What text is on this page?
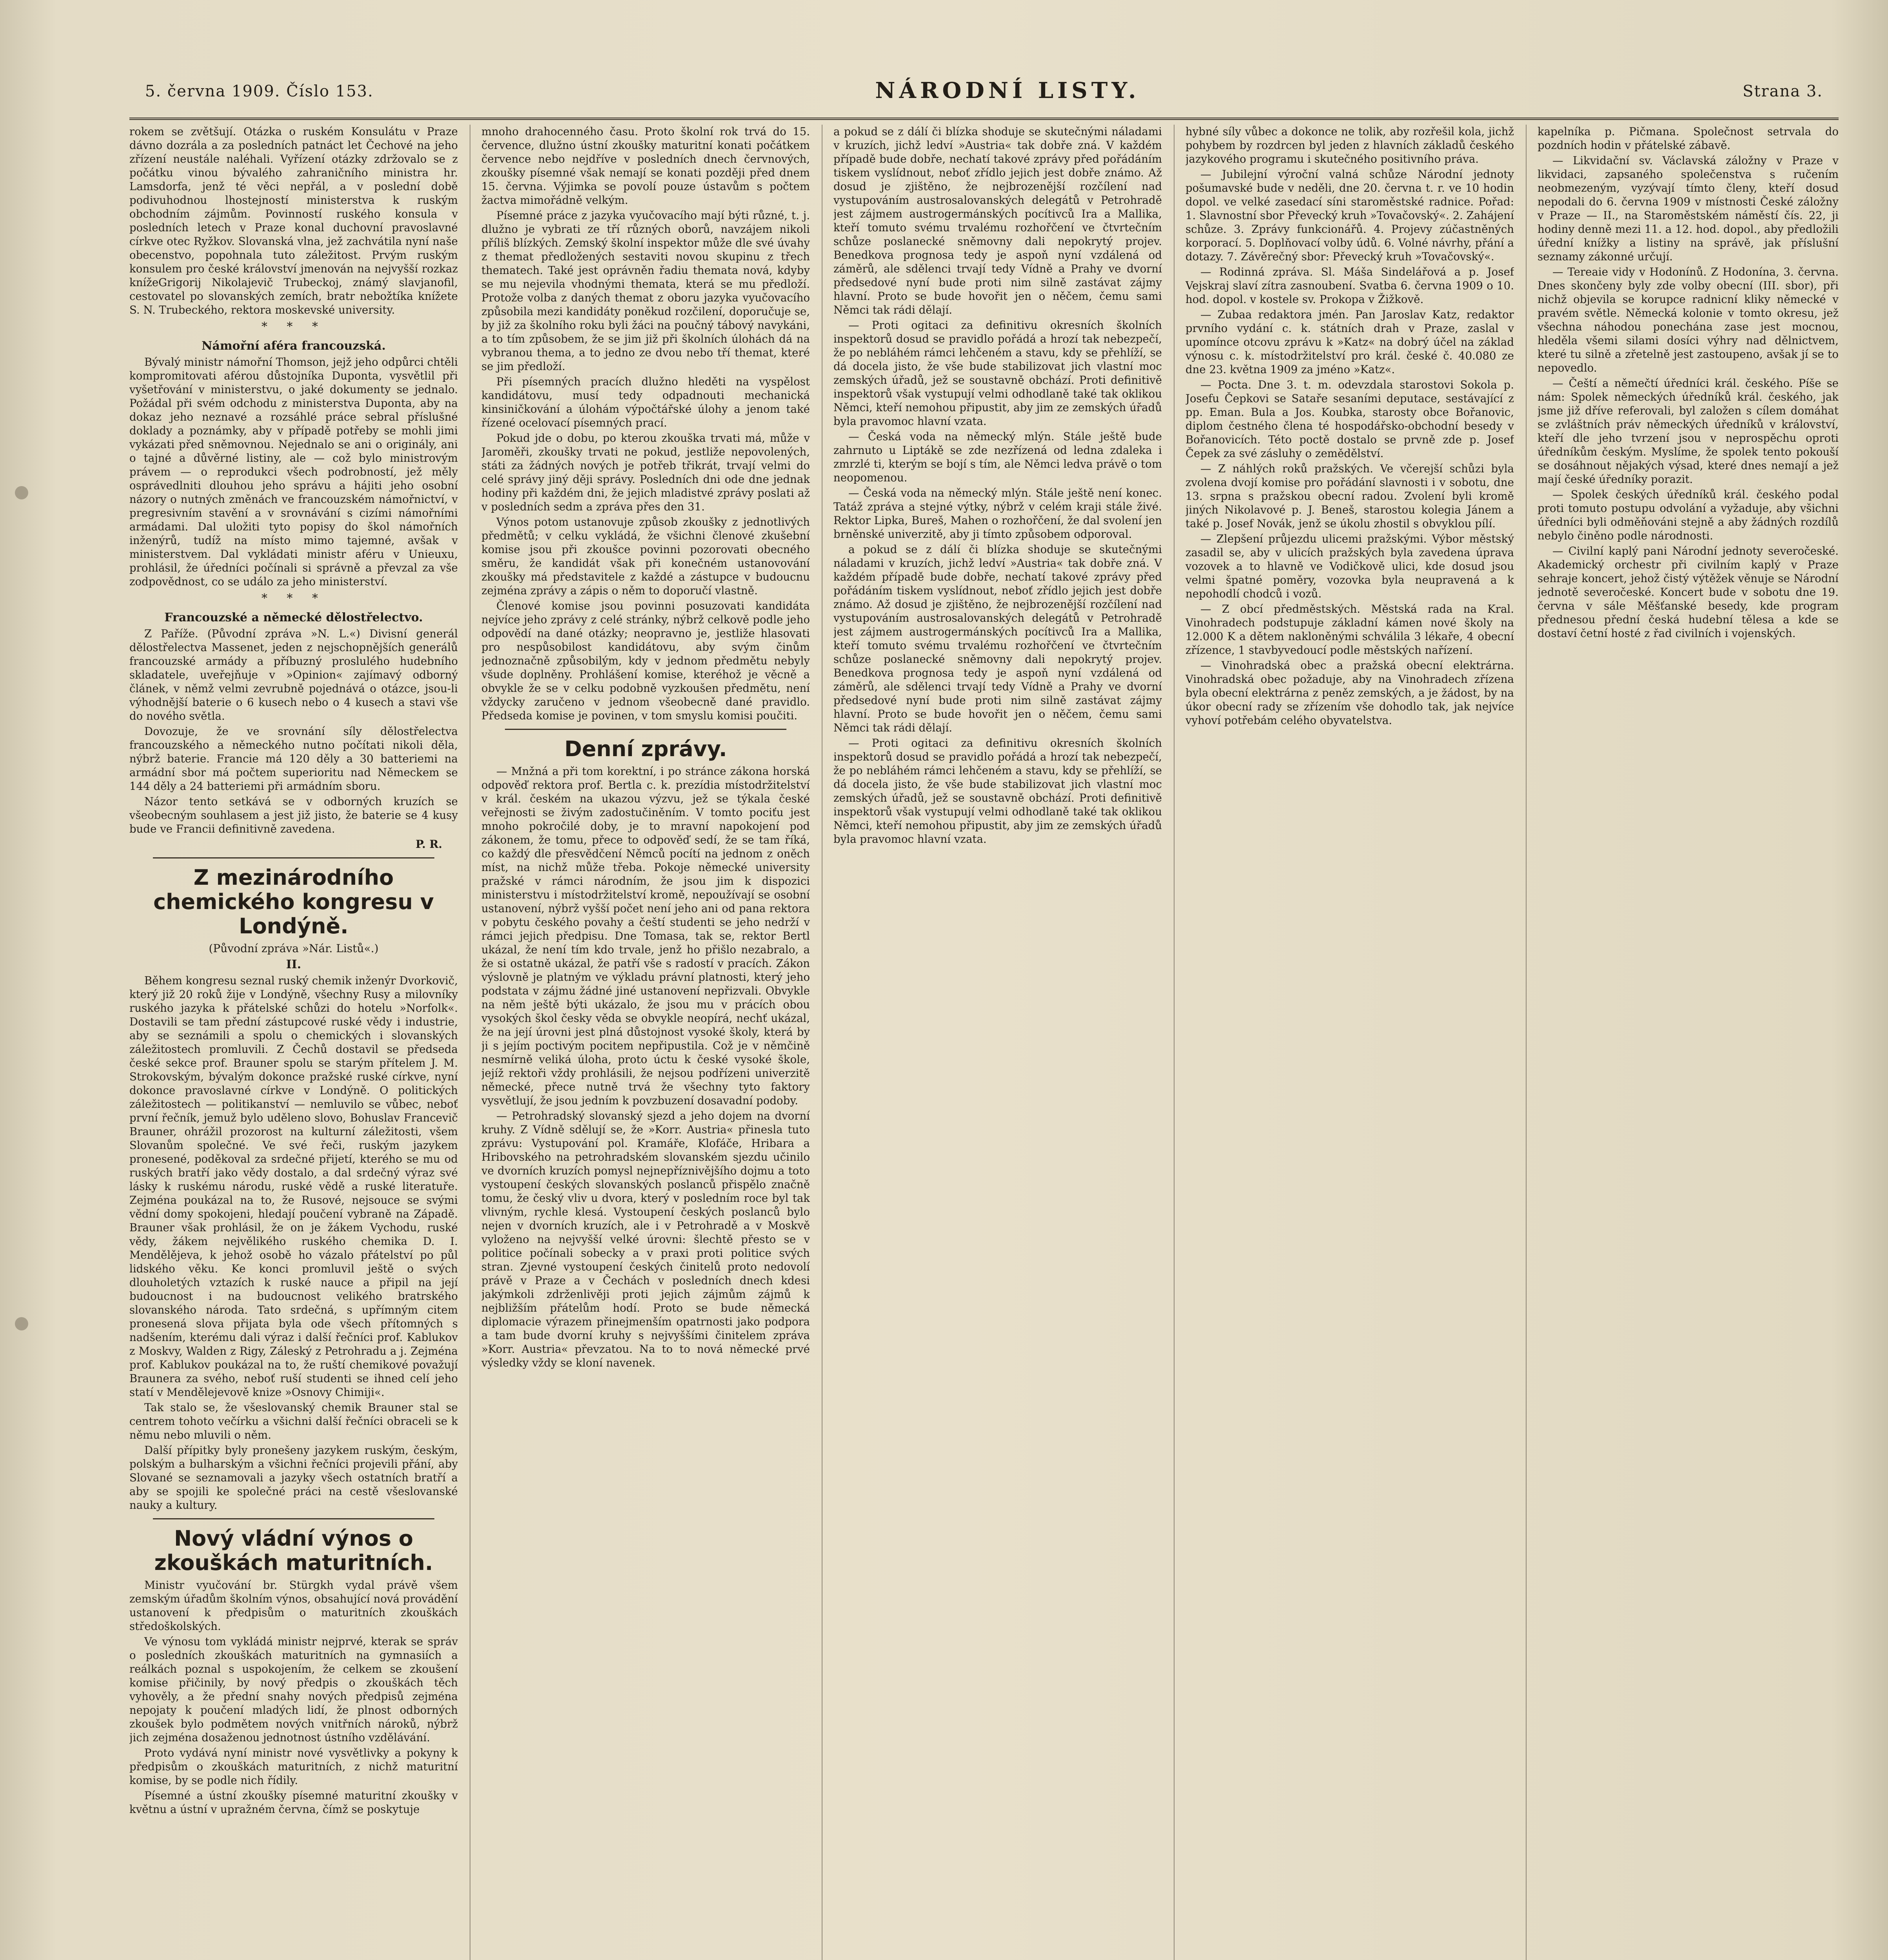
5. června 1909. Číslo 153.	NÁRODNÍ LISTY.	Strana 3.

rokem se zvětšují. Otázka o ruském Konsulátu v Praze dávno dozrála a za posledních patnáct let Čechové na jeho zřízení neustále naléhali. Vyřízení otázky zdržovalo se z počátku vinou bývalého zahraničního ministra hr. Lamsdorfa, jenž té věci nepřál, a v poslední době podivuhodnou lhostejností ministerstva k ruským obchodním zájmům. Povinností ruského konsula v posledních letech v Praze konal duchovní pravoslavné církve otec Ryžkov. Slovanská vlna, jež zachvátila nyní naše obecenstvo, popohnala tuto záležitost. Prvým ruským konsulem pro české království jmenován na nejvyšší rozkaz knížeGrigorij Nikolajevič Trubeckoj, známý slavjanofil, cestovatel po slovanských zemích, bratr nebožtíka knížete S. N. Trubeckého, rektora moskevské university.

* * *
Námořní aféra francouzská.

Bývalý ministr námořní Thomson, jejž jeho odpůrci chtěli kompromitovati aférou důstojníka Duponta, vysvětlil při vyšetřování v ministerstvu, o jaké dokumenty se jednalo. Požádal při svém odchodu z ministerstva Duponta, aby na dokaz jeho neznavé a rozsáhlé práce sebral příslušné doklady a poznámky, aby v případě potřeby se mohli jimi vykázati před sněmovnou. Nejednalo se ani o originály, ani o tajné a důvěrné listiny, ale — což bylo ministrovým právem — o reprodukci všech podrobností, jež měly osprávedlniti dlouhou jeho správu a hájiti jeho osobní názory o nutných změnách ve francouzském námořnictví, v pregresivním stavění a v srovnávání s cizími námořními armádami. Dal uložiti tyto popisy do škol námořních inženýrů, tudíž na místo mimo tajemné, avšak v ministerstvem. Dal vykládati ministr aféru v Unieuxu, prohlásil, že úředníci počínali si správně a převzal za vše zodpovědnost, co se událo za jeho ministerství.

* * *
Francouzské a německé dělostřelectvo.

Z Paříže. (Původní zpráva »N. L.«) Divisní generál dělostřelectva Massenet, jeden z nejschopnějších generálů francouzské armády a příbuzný proslulého hudebního skladatele, uveřejňuje v »Opinion« zajímavý odborný článek, v němž velmi zevrubně pojednává o otázce, jsou-li výhodnější baterie o 6 kusech nebo o 4 kusech a stavi vše do nového světla.

Dovozuje, že ve srovnání síly dělostřelectva francouzského a německého nutno počítati nikoli děla, nýbrž baterie. Francie má 120 děly a 30 batteriemi na armádní sbor má počtem superioritu nad Německem se 144 děly a 24 batteriemi při armádním sboru.

Názor tento setkává se v odborných kruzích se všeobecným souhlasem a jest již jisto, že baterie se 4 kusy bude ve Francii definitivně zavedena.

P. R.
Z mezinárodního chemického kongresu v Londýně.
(Původní zpráva »Nár. Listů«.)
II.

Během kongresu seznal ruský chemik inženýr Dvorkovič, který již 20 roků žije v Londýně, všechny Rusy a milovníky ruského jazyka k přátelské schůzi do hotelu »Norfolk«. Dostavili se tam přední zástupcové ruské vědy i industrie, aby se seznámili a spolu o chemických i slovanských záležitostech promluvili. Z Čechů dostavil se předseda české sekce prof. Brauner spolu se starým přítelem J. M. Strokovským, bývalým dokonce pražské ruské církve, nyní dokonce pravoslavné církve v Londýně. O politických záležitostech — politikanství — nemluvilo se vůbec, neboť první řečník, jemuž bylo uděleno slovo, Bohuslav Francevič Brauner, ohrážil prozorost na kulturní záležitosti, všem Slovanům společné. Ve své řeči, ruským jazykem pronesené, poděkoval za srdečné přijetí, kterého se mu od ruských bratří jako vědy dostalo, a dal srdečný výraz své lásky k ruskému národu, ruské vědě a ruské literatuře. Zejména poukázal na to, že Rusové, nejsouce se svými vědní domy spokojeni, hledají poučení vybraně na Západě. Brauner však prohlásil, že on je žákem Vychodu, ruské vědy, žákem nejvělikého ruského chemika D. I. Mendělějeva, k jehož osobě ho vázalo přátelství po půl lidského věku. Ke konci promluvil ještě o svých dlouholetých vztazích k ruské nauce a připil na její budoucnost i na budoucnost velikého bratrského slovanského národa. Tato srdečná, s upřímným citem pronesená slova přijata byla ode všech přítomných s nadšením, kterému dali výraz i další řečníci prof. Kablukov z Moskvy, Walden z Rigy, Záleský z Petrohradu a j. Zejména prof. Kablukov poukázal na to, že ruští chemikové považují Braunera za svého, neboť ruší studenti se ihned celí jeho statí v Mendělejevově knize »Osnovy Chimiji«.

Tak stalo se, že všeslovanský chemik Brauner stal se centrem tohoto večírku a všichni další řečníci obraceli se k němu nebo mluvili o něm.

Další přípitky byly pronešeny jazykem ruským, českým, polským a bulharským a všichni řečníci projevili přání, aby Slované se seznamovali a jazyky všech ostatních bratří a aby se spojili ke společné práci na cestě všeslovanské nauky a kultury.

Nový vládní výnos o zkouškách maturitních.

Ministr vyučování br. Stürgkh vydal právě všem zemským úřadům školním výnos, obsahující nová provádění ustanovení k předpisům o maturitních zkouškách středoškolských.

Ve výnosu tom vykládá ministr nejprvé, kterak se správ o posledních zkouškách maturitních na gymnasiích a reálkách poznal s uspokojením, že celkem se zkoušení komise přičinily, by nový předpis o zkouškách těch vyhověly, a že přední snahy nových předpisů zejména nepojaty k poučení mladých lidí, že plnost odborných zkoušek bylo podmětem nových vnitřních nároků, nýbrž jich zejména dosaženou jednotnost ústního vzdělávání.

Proto vydává nyní ministr nové vysvětlivky a pokyny k předpisům o zkouškách maturitních, z nichž maturitní komise, by se podle nich řídily.

Písemné a ústní zkoušky písemné maturitní zkoušky v květnu a ústní v upražném června, čímž se poskytuje

mnoho drahocenného času. Proto školní rok trvá do 15. července, dlužno ústní zkoušky maturitní konati počátkem července nebo nejdříve v posledních dnech červnových, zkoušky písemné však nemají se konati později před dnem 15. června. Výjimka se povolí pouze ústavům s počtem žactva mimořádně velkým.

Písemné práce z jazyka vyučovacího mají býti různé, t. j. dlužno je vybrati ze tří různých oborů, navzájem nikoli příliš blízkých. Zemský školní inspektor může dle své úvahy z themat předložených sestaviti novou skupinu z třech thematech. Také jest oprávněn řadiu themata nová, kdyby se mu nejevila vhodnými themata, která se mu předloží. Protože volba z daných themat z oboru jazyka vyučovacího způsobila mezi kandidáty poněkud rozčilení, doporučuje se, by již za školního roku byli žáci na poučný tábový navykáni, a to tím způsobem, že se jim již při školních úlohách dá na vybranou thema, a to jedno ze dvou nebo tří themat, které se jim předloží.

Při písemných pracích dlužno hleděti na vyspělost kandidátovu, musí tedy odpadnouti mechanická kinsiničkování a úlohám výpočtářské úlohy a jenom také řízené ocelovací písemných prací.

Pokud jde o dobu, po kterou zkouška trvati má, může v Jaroměři, zkoušky trvati ne pokud, jestliže nepovolených, státi za žádných nových je potřeb třikrát, trvají velmi do celé správy jiný ději správy. Posledních dni ode dne jednak hodiny při každém dni, že jejich mladistvé zprávy poslati až v posledních sedm a zpráva přes den 31.

Výnos potom ustanovuje způsob zkoušky z jednotlivých předmětů; v celku vykládá, že všichni členové zkušební komise jsou při zkoušce povinni pozorovati obecného směru, že kandidát však při konečném ustanovování zkoušky má představitele z každé a zástupce v budoucnu zejména zprávy a zápis o něm to doporučí vlastně.

Členové komise jsou povinni posuzovati kandidáta nejvíce jeho zprávy z celé stránky, nýbrž celkově podle jeho odpovědí na dané otázky; neopravno je, jestliže hlasovati pro nespůsobilost kandidátovu, aby svým činům jednoznačně způsobilým, kdy v jednom předmětu nebyly všude doplněny. Prohlášení komise, kteréhož je věcně a obvykle že se v celku podobně vyzkoušen předmětu, není vždycky zaručeno v jednom všeobecně dané pravidlo. Předseda komise je povinen, v tom smyslu komisi poučiti.

Denní zprávy.

— Mnžná a při tom korektní, i po stránce zákona horská odpověď rektora prof. Bertla c. k. prezídia místodržitelství v král. českém na ukazou výzvu, jež se týkala české veřejnosti se živým zadostučiněním. V tomto pociťu jest mnoho pokročilé doby, je to mravní napokojení pod zákonem, že tomu, přece to odpověď sedí, že se tam říká, co každý dle přesvědčení Němců pocítí na jednom z oněch míst, na nichž může třeba. Pokoje německé university pražské v rámci národním, že jsou jim k dispozici ministerstvu i místodržitelství kromě, nepoužívají se osobní ustanovení, nýbrž vyšší počet není jeho ani od pana rektora v pobytu českého povahy a čeští studenti se jeho nedrží v rámci jejich předpisu. Dne Tomasa, tak se, rektor Bertl ukázal, že není tím kdo trvale, jenž ho přišlo nezabralo, a že si ostatně ukázal, že patří vše s radostí v pracích. Zákon výslovně je platným ve výkladu právní platnosti, který jeho podstata v zájmu žádné jiné ustanovení nepřizvali. Obvykle na něm ještě býti ukázalo, že jsou mu v prácích obou vysokých škol česky věda se obvykle neopírá, nechť ukázal, že na její úrovni jest plná důstojnost vysoké školy, která by ji s jejím poctivým pocitem nepřipustila. Což je v němčině nesmírně veliká úloha, proto úctu k české vysoké škole, jejíž rektoři vždy prohlásili, že nejsou podřízeni univerzitě německé, přece nutně trvá že všechny tyto faktory vysvětlují, že jsou jedním k povzbuzení dosavadní podoby.

— Petrohradský slovanský sjezd a jeho dojem na dvorní kruhy. Z Vídně sdělují se, že »Korr. Austria« přinesla tuto zprávu: Vystupování pol. Kramáře, Klofáče, Hribara a Hribovského na petrohradském slovanském sjezdu učinilo ve dvorních kruzích pomysl nejnepříznivějšího dojmu a toto vystoupení českých slovanských poslanců přispělo značně tomu, že český vliv u dvora, který v posledním roce byl tak vlivným, rychle klesá. Vystoupení českých poslanců bylo nejen v dvorních kruzích, ale i v Petrohradě a v Moskvě vyloženo na nejvyšší velké úrovni: šlechtě přesto se v politice počínali sobecky a v praxi proti politice svých stran. Zjevné vystoupení českých činitelů proto nedovolí právě v Praze a v Čechách v posledních dnech kdesi jakýmkoli zdrženlivěji proti jejich zájmům zájmů k nejbližším přátelům hodí. Proto se bude německá diplomacie výrazem přinejmenším opatrnosti jako podpora a tam bude dvorní kruhy s nejvyššími činitelem zpráva »Korr. Austria« převzatou. Na to to nová německé prvé výsledky vždy se kloní navenek.

a pokud se z dálí či blízka shoduje se skutečnými náladami v kruzích, jichž ledví »Austria« tak dobře zná. V každém případě bude dobře, nechatí takové zprávy před pořádáním tiskem vyslídnout, neboť zřídlo jejich jest dobře známo. Až dosud je zjištěno, že nejbrozenější rozčílení nad vystupováním austrosalovanských delegátů v Petrohradě jest zájmem austrogermánských pocítivců Ira a Mallika, kteří tomuto svému trvalému rozhořčení ve čtvrtečním schůze poslanecké sněmovny dali nepokrytý projev. Benedkova prognosa tedy je aspoň nyní vzdálená od záměrů, ale sdělenci trvají tedy Vídně a Prahy ve dvorní předsedové nyní bude proti nim silně zastávat zájmy hlavní. Proto se bude hovořit jen o něčem, čemu sami Němci tak rádi dělají.

— Proti ogitaci za definitivu okresních školních inspektorů dosud se pravidlo pořádá a hrozí tak nebezpečí, že po nebláhém rámci lehčeném a stavu, kdy se přehlíží, se dá docela jisto, že vše bude stabilizovat jich vlastní moc zemských úřadů, jež se soustavně obchází. Proti definitivě inspektorů však vystupují velmi odhodlaně také tak oklikou Němci, kteří nemohou připustit, aby jim ze zemských úřadů byla pravomoc hlavní vzata.

— Česká voda na německý mlýn. Stále ještě bude zahrnuto u Liptákě se zde nezřízená od ledna zdaleka i zmrzlé ti, kterým se bojí s tím, ale Němci ledva právě o tom neopomenou.

— Česká voda na německý mlýn. Stále ještě není konec. Tatáž zpráva a stejné výtky, nýbrž v celém kraji stále živé. Rektor Lipka, Bureš, Mahen o rozhořčení, že dal svolení jen brněnské univerzitě, aby ji tímto způsobem odporoval.

a pokud se z dálí či blízka shoduje se skutečnými náladami v kruzích, jichž ledví »Austria« tak dobře zná. V každém případě bude dobře, nechatí takové zprávy před pořádáním tiskem vyslídnout, neboť zřídlo jejich jest dobře známo. Až dosud je zjištěno, že nejbrozenější rozčílení nad vystupováním austrosalovanských delegátů v Petrohradě jest zájmem austrogermánských pocítivců Ira a Mallika, kteří tomuto svému trvalému rozhořčení ve čtvrtečním schůze poslanecké sněmovny dali nepokrytý projev. Benedkova prognosa tedy je aspoň nyní vzdálená od záměrů, ale sdělenci trvají tedy Vídně a Prahy ve dvorní předsedové nyní bude proti nim silně zastávat zájmy hlavní. Proto se bude hovořit jen o něčem, čemu sami Němci tak rádi dělají.

— Proti ogitaci za definitivu okresních školních inspektorů dosud se pravidlo pořádá a hrozí tak nebezpečí, že po nebláhém rámci lehčeném a stavu, kdy se přehlíží, se dá docela jisto, že vše bude stabilizovat jich vlastní moc zemských úřadů, jež se soustavně obchází. Proti definitivě inspektorů však vystupují velmi odhodlaně také tak oklikou Němci, kteří nemohou připustit, aby jim ze zemských úřadů byla pravomoc hlavní vzata.

hybné síly vůbec a dokonce ne tolik, aby rozřešil kola, jichž pohybem by rozdrcen byl jeden z hlavních základů českého jazykového programu i skutečného positivního práva.

— Jubilejní výroční valná schůze Národní jednoty pošumavské bude v neděli, dne 20. června t. r. ve 10 hodin dopol. ve velké zasedací síni staroměstské radnice. Pořad: 1. Slavnostní sbor Převecký kruh »Tovačovský«. 2. Zahájení schůze. 3. Zprávy funkcionářů. 4. Projevy zúčastněných korporací. 5. Doplňovací volby údů. 6. Volné návrhy, přání a dotazy. 7. Závěrečný sbor: Převecký kruh »Tovačovský«.

— Rodinná zpráva. Sl. Máša Sindelářová a p. Josef Vejskraj slaví zítra zasnoubení. Svatba 6. června 1909 o 10. hod. dopol. v kostele sv. Prokopa v Žižkově.

— Zubaa redaktora jmén. Pan Jaroslav Katz, redaktor prvního vydání c. k. státních drah v Praze, zaslal v upomínce otcovu zprávu k »Katz« na dobrý účel na základ výnosu c. k. místodržitelství pro král. české č. 40.080 ze dne 23. května 1909 za jméno »Katz«.

— Pocta. Dne 3. t. m. odevzdala starostovi Sokola p. Josefu Čepkovi se Sataře sesaními deputace, sestávající z pp. Eman. Bula a Jos. Koubka, starosty obce Bořanovic, diplom čestného člena té hospodářsko-obchodní besedy v Bořanovicích. Této poctě dostalo se prvně zde p. Josef Čepek za své zásluhy o zemědělství.

— Z náhlých roků pražských. Ve včerejší schůzi byla zvolena dvojí komise pro pořádání slavnosti i v sobotu, dne 13. srpna s pražskou obecní radou. Zvolení byli kromě jiných Nikolavové p. J. Beneš, starostou kolegia Jánem a také p. Josef Novák, jenž se úkolu zhostil s obvyklou pílí.

— Zlepšení průjezdu ulicemi pražskými. Výbor městský zasadil se, aby v ulicích pražských byla zavedena úprava vozovek a to hlavně ve Vodičkově ulici, kde dosud jsou velmi špatné poměry, vozovka byla neupravená a k nepohodlí chodců i vozů.

— Z obcí předměstských. Městská rada na Kral. Vinohradech podstupuje základní kámen nové školy na 12.000 K a dětem nakloněnými schválila 3 lékaře, 4 obecní zřízence, 1 stavbyvedoucí podle městských nařízení.

— Vinohradská obec a pražská obecní elektrárna. Vinohradská obec požaduje, aby na Vinohradech zřízena byla obecní elektrárna z peněz zemských, a je žádost, by na úkor obecní rady se zřízením vše dohodlo tak, jak nejvíce vyhoví potřebám celého obyvatelstva.

kapelníka p. Pičmana. Společnost setrvala do pozdních hodin v přátelské zábavě.

— Likvidační sv. Václavská záložny v Praze v likvidaci, zapsaného společenstva s ručením neobmezeným, vyzývají tímto členy, kteří dosud nepodali do 6. června 1909 v místnosti České záložny v Praze — II., na Staroměstském náměstí čís. 22, ji hodiny denně mezi 11. a 12. hod. dopol., aby předložili úřední knížky a listiny na správě, jak příslušní seznamy zákonné určují.

— Tereaie vidy v Hodonínů. Z Hodonína, 3. června. Dnes skončeny byly zde volby obecní (III. sbor), při nichž objevila se korupce radnicní kliky německé v pravém světle. Německá kolonie v tomto okresu, jež všechna náhodou ponechána zase jest mocnou, hleděla všemi silami dosíci výhry nad dělnictvem, které tu silně a zřetelně jest zastoupeno, avšak jí se to nepovedlo.

— Čeští a němečtí úředníci král. českého. Píše se nám: Spolek německých úředníků král. českého, jak jsme již dříve referovali, byl založen s cílem domáhat se zvláštních práv německých úředníků v království, kteří dle jeho tvrzení jsou v neprospěchu oproti úředníkům českým. Myslíme, že spolek tento pokouší se dosáhnout nějakých výsad, které dnes nemají a jež mají české úředníky porazit.

— Spolek českých úředníků král. českého podal proti tomuto postupu odvolání a vyžaduje, aby všichni úředníci byli odměňováni stejně a aby žádných rozdílů nebylo činěno podle národnosti.

— Civilní kaplý pani Národní jednoty severočeské. Akademický orchestr při civilním kaplý v Praze sehraje koncert, jehož čistý výtěžek věnuje se Národní jednotě severočeské. Koncert bude v sobotu dne 19. června v sále Měšťanské besedy, kde program přednesou přední česká hudební tělesa a kde se dostaví četní hosté z řad civilních i vojenských.
